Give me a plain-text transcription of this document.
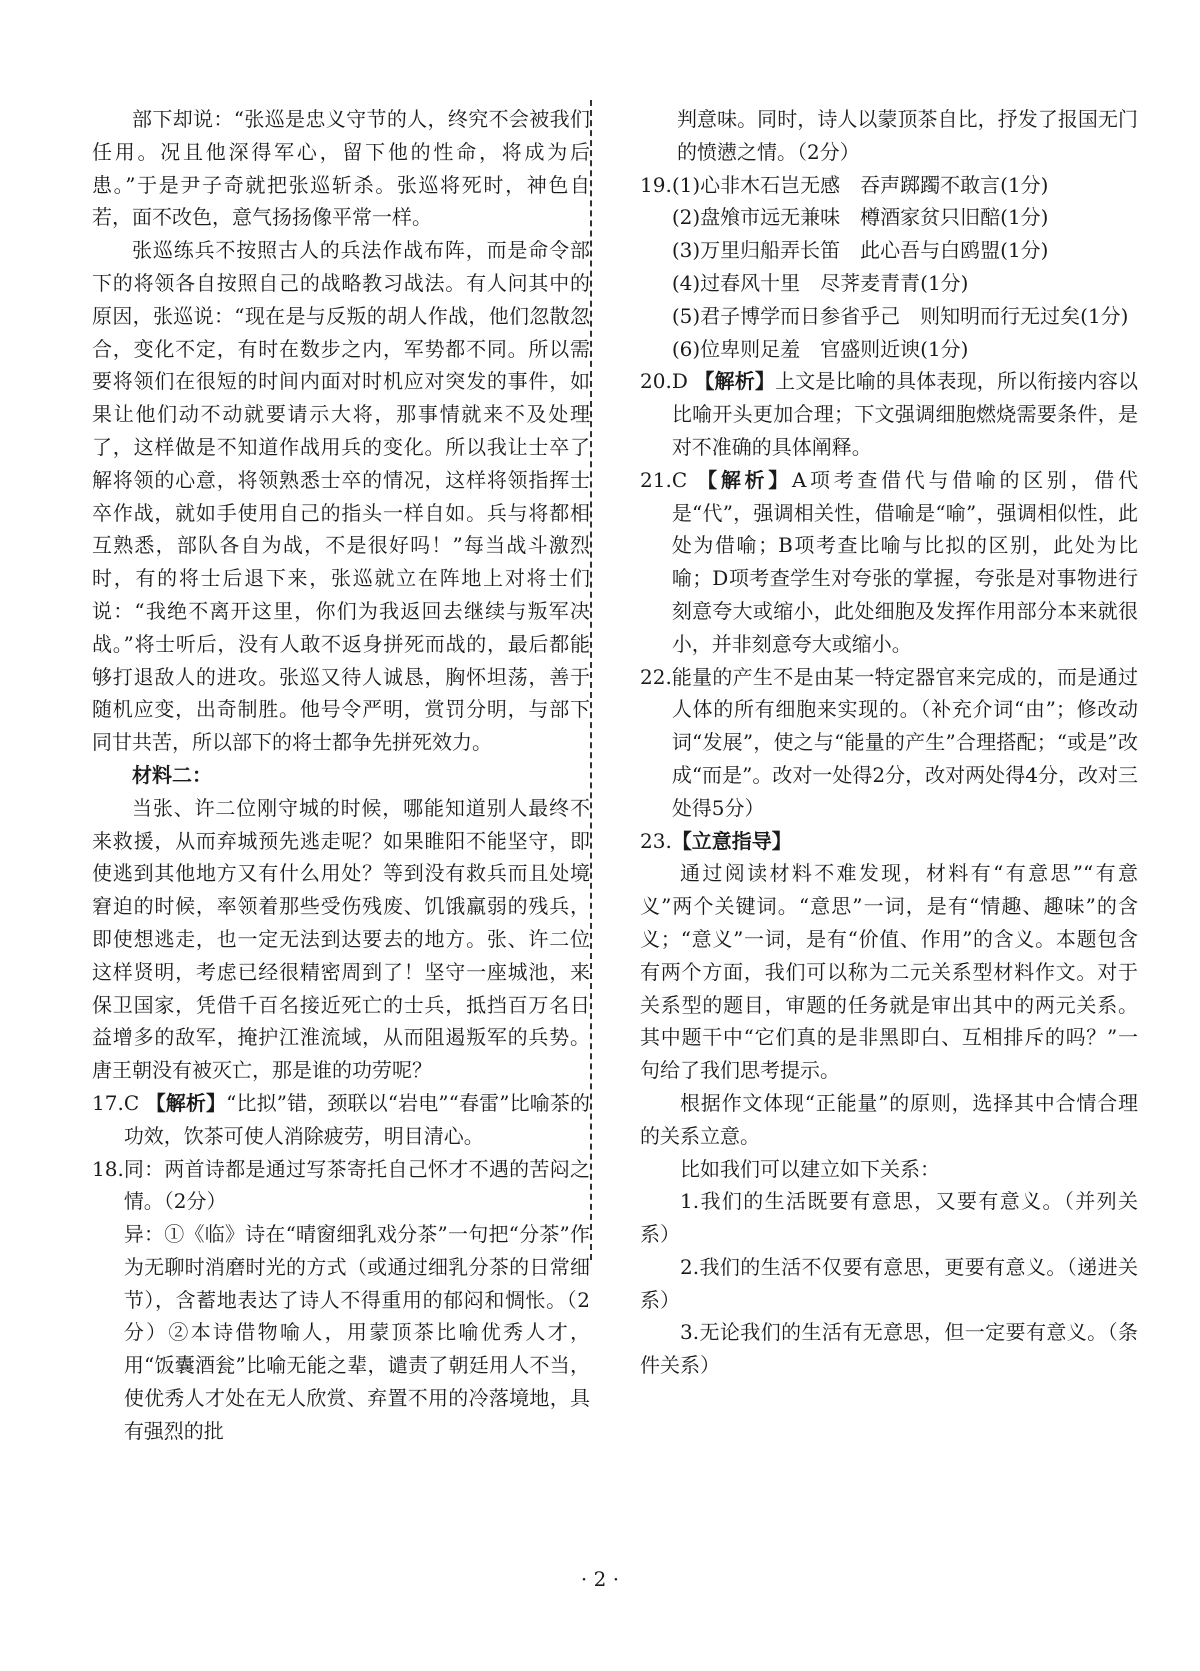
部下却说：“张巡是忠义守节的人，终究不会被我们任用。况且他深得军心，留下他的性命，将成为后患。”于是尹子奇就把张巡斩杀。张巡将死时，神色自若，面不改色，意气扬扬像平常一样。

张巡练兵不按照古人的兵法作战布阵，而是命令部下的将领各自按照自己的战略教习战法。有人问其中的原因，张巡说：“现在是与反叛的胡人作战，他们忽散忽合，变化不定，有时在数步之内，军势都不同。所以需要将领们在很短的时间内面对时机应对突发的事件，如果让他们动不动就要请示大将，那事情就来不及处理了，这样做是不知道作战用兵的变化。所以我让士卒了解将领的心意，将领熟悉士卒的情况，这样将领指挥士卒作战，就如手使用自己的指头一样自如。兵与将都相互熟悉，部队各自为战，不是很好吗！”每当战斗激烈时，有的将士后退下来，张巡就立在阵地上对将士们说：“我绝不离开这里，你们为我返回去继续与叛军决战。”将士听后，没有人敢不返身拼死而战的，最后都能够打退敌人的进攻。张巡又待人诚恳，胸怀坦荡，善于随机应变，出奇制胜。他号令严明，赏罚分明，与部下同甘共苦，所以部下的将士都争先拼死效力。

材料二：

当张、许二位刚守城的时候，哪能知道别人最终不来救援，从而弃城预先逃走呢？如果睢阳不能坚守，即使逃到其他地方又有什么用处？等到没有救兵而且处境窘迫的时候，率领着那些受伤残废、饥饿羸弱的残兵，即使想逃走，也一定无法到达要去的地方。张、许二位这样贤明，考虑已经很精密周到了！坚守一座城池，来保卫国家，凭借千百名接近死亡的士兵，抵挡百万名日益增多的敌军，掩护江淮流域，从而阻遏叛军的兵势。唐王朝没有被灭亡，那是谁的功劳呢？

17. C 【解析】“比拟”错，颈联以“岩电”“春雷”比喻茶的功效，饮茶可使人消除疲劳，明目清心。
18. 同：两首诗都是通过写茶寄托自己怀才不遇的苦闷之情。（2分）

异：①《临》诗在“晴窗细乳戏分茶”一句把“分茶”作为无聊时消磨时光的方式（或通过细乳分茶的日常细节），含蓄地表达了诗人不得重用的郁闷和惆怅。（2分）②本诗借物喻人，用蒙顶茶比喻优秀人才，用“饭囊酒瓮”比喻无能之辈，谴责了朝廷用人不当，使优秀人才处在无人欣赏、弃置不用的冷落境地，具有强烈的批

判意味。同时，诗人以蒙顶茶自比，抒发了报国无门的愤懑之情。（2分）

19. (1)心非木石岂无感　吞声踯躅不敢言(1分)

(2)盘飧市远无兼味　樽酒家贫只旧醅(1分)

(3)万里归船弄长笛　此心吾与白鸥盟(1分)

(4)过春风十里　尽荠麦青青(1分)

(5)君子博学而日参省乎己　则知明而行无过矣(1分)

(6)位卑则足羞　官盛则近谀(1分)

20. D 【解析】上文是比喻的具体表现，所以衔接内容以比喻开头更加合理；下文强调细胞燃烧需要条件，是对不准确的具体阐释。
21. C 【解析】A项考查借代与借喻的区别，借代是“代”，强调相关性，借喻是“喻”，强调相似性，此处为借喻；B项考查比喻与比拟的区别，此处为比喻；D项考查学生对夸张的掌握，夸张是对事物进行刻意夸大或缩小，此处细胞及发挥作用部分本来就很小，并非刻意夸大或缩小。
22. 能量的产生不是由某一特定器官来完成的，而是通过人体的所有细胞来实现的。（补充介词“由”；修改动词“发展”，使之与“能量的产生”合理搭配；“或是”改成“而是”。改对一处得2分，改对两处得4分，改对三处得5分）
23. 【立意指导】

通过阅读材料不难发现，材料有“有意思”“有意义”两个关键词。“意思”一词，是有“情趣、趣味”的含义；“意义”一词，是有“价值、作用”的含义。本题包含有两个方面，我们可以称为二元关系型材料作文。对于关系型的题目，审题的任务就是审出其中的两元关系。其中题干中“它们真的是非黑即白、互相排斥的吗？”一句给了我们思考提示。

根据作文体现“正能量”的原则，选择其中合情合理的关系立意。

比如我们可以建立如下关系：

1.我们的生活既要有意思，又要有意义。（并列关系）

2.我们的生活不仅要有意思，更要有意义。（递进关系）

3.无论我们的生活有无意思，但一定要有意义。（条件关系）

· 2 ·
